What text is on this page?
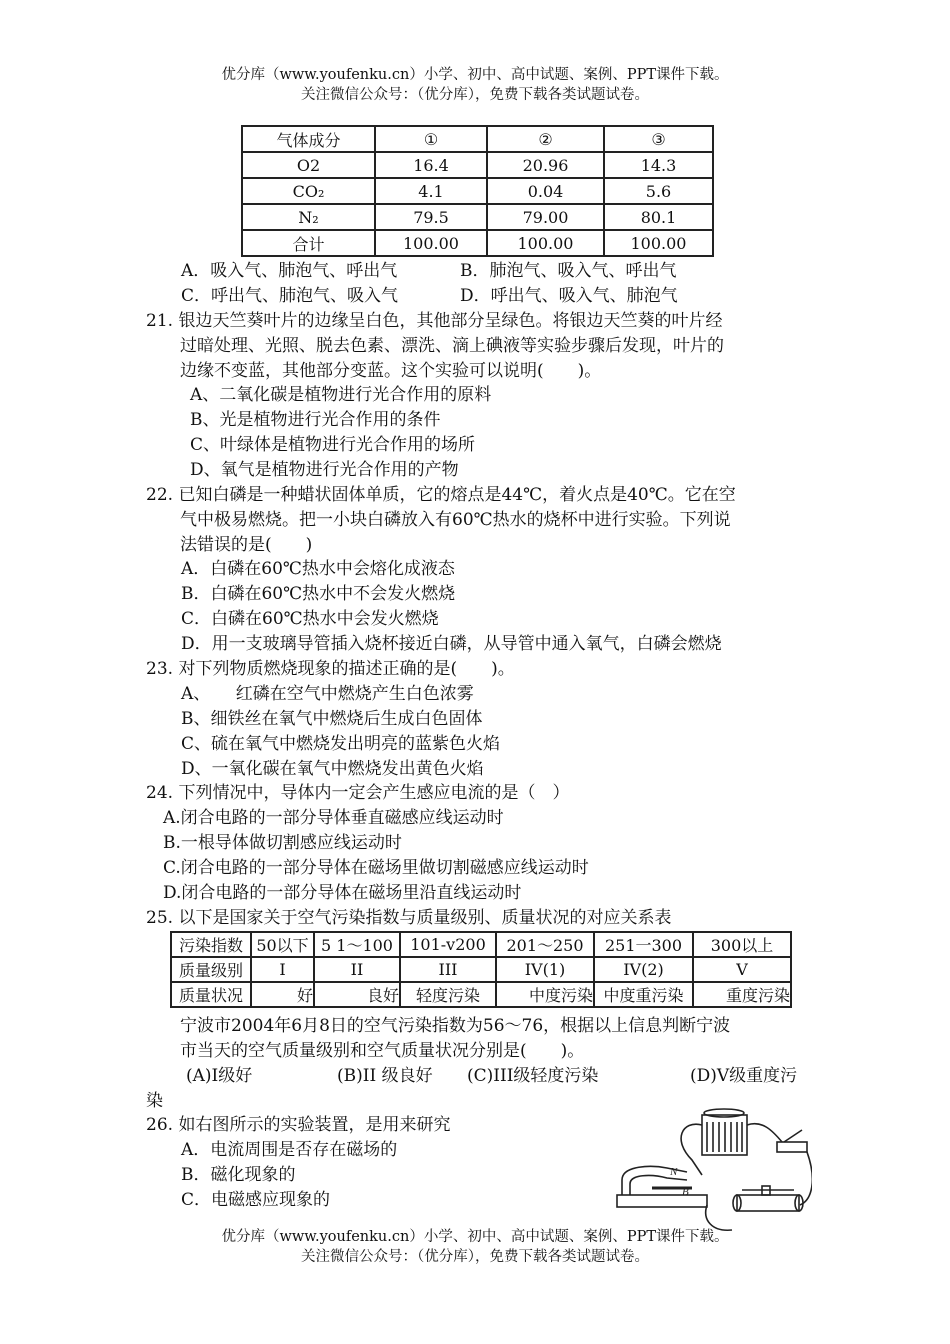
优分库（www.youfenku.cn）小学、初中、高中试题、案例、PPT课件下载。
关注微信公众号：（优分库），免费下载各类试题试卷。
气体成分	①	②	③
O2	16.4	20.96	14.3
CO₂	4.1	0.04	5.6
N₂	79.5	79.00	80.1
合计	100.00	100.00	100.00
A．吸入气、肺泡气、呼出气	B．肺泡气、吸入气、呼出气
C．呼出气、肺泡气、吸入气	D．呼出气、吸入气、肺泡气
21. 银边天竺葵叶片的边缘呈白色，其他部分呈绿色。将银边天竺葵的叶片经
过暗处理、光照、脱去色素、漂洗、滴上碘液等实验步骤后发现，叶片的
边缘不变蓝，其他部分变蓝。这个实验可以说明(　　)。
A、二氧化碳是植物进行光合作用的原料
B、光是植物进行光合作用的条件
C、叶绿体是植物进行光合作用的场所
D、氧气是植物进行光合作用的产物
22. 已知白磷是一种蜡状固体单质，它的熔点是44℃，着火点是40℃。它在空
气中极易燃烧。把一小块白磷放入有60℃热水的烧杯中进行实验。下列说
法错误的是(　　)
A．白磷在60℃热水中会熔化成液态
B．白磷在60℃热水中不会发火燃烧
C．白磷在60℃热水中会发火燃烧
D．用一支玻璃导管插入烧杯接近白磷，从导管中通入氧气，白磷会燃烧
23. 对下列物质燃烧现象的描述正确的是(　　)。
A、　　红磷在空气中燃烧产生白色浓雾
B、细铁丝在氧气中燃烧后生成白色固体
C、硫在氧气中燃烧发出明亮的蓝紫色火焰
D、一氧化碳在氧气中燃烧发出黄色火焰
24. 下列情况中，导体内一定会产生感应电流的是（　）
A.闭合电路的一部分导体垂直磁感应线运动时
B.一根导体做切割感应线运动时
C.闭合电路的一部分导体在磁场里做切割磁感应线运动时
D.闭合电路的一部分导体在磁场里沿直线运动时
25. 以下是国家关于空气污染指数与质量级别、质量状况的对应关系表
污染指数	50以下	5 1～100	101-v200	201～250	251一300	300以上
质量级别	I	II	III	IV(1)	IV(2)	V
质量状况	好	良好	轻度污染	中度污染	中度重污染	重度污染
宁波市2004年6月8日的空气污染指数为56～76，根据以上信息判断宁波
市当天的空气质量级别和空气质量状况分别是(　　)。
(A)I级好	(B)II 级良好 (C)III级轻度污染	(D)V级重度污
染
26. 如右图所示的实验装置，是用来研究
A．电流周围是否存在磁场的
B．磁化现象的
C．电磁感应现象的
N
B
优分库（www.youfenku.cn）小学、初中、高中试题、案例、PPT课件下载。
关注微信公众号：（优分库），免费下载各类试题试卷。
